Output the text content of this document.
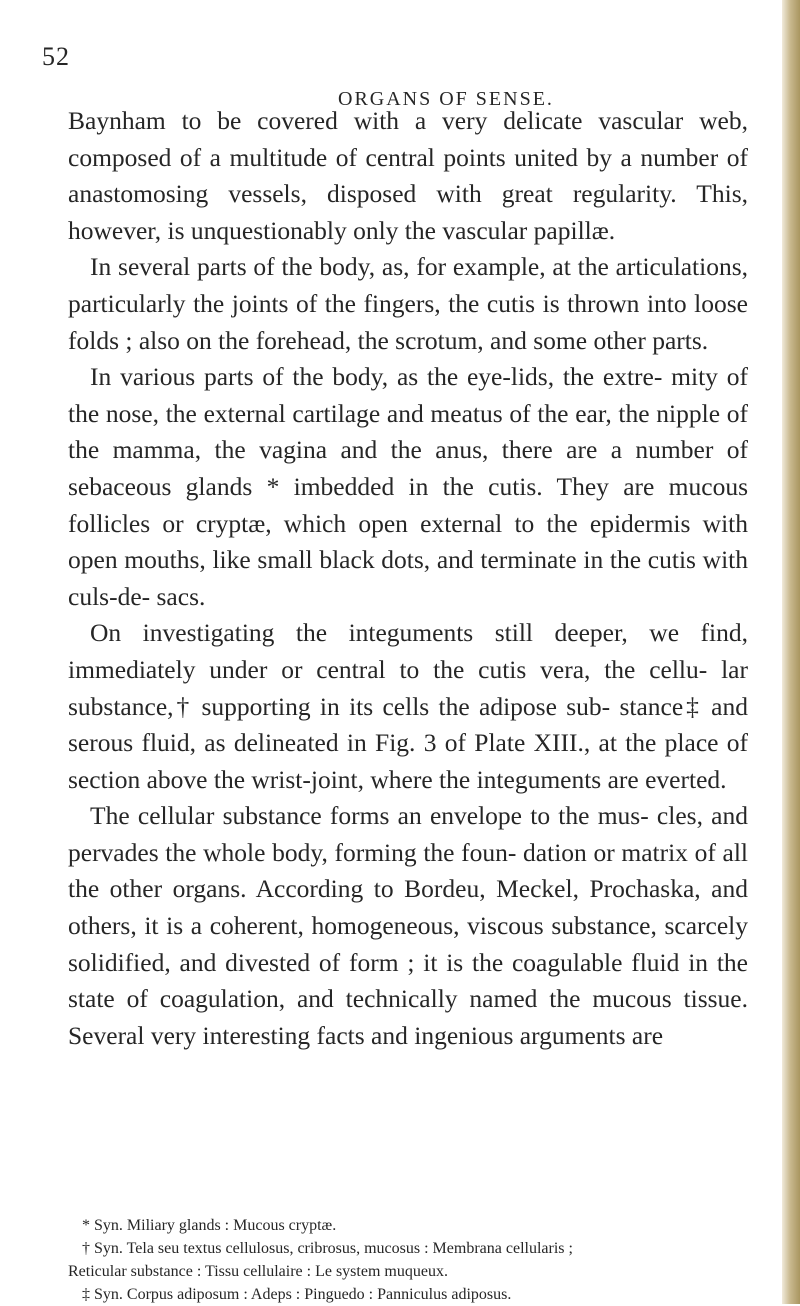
52
ORGANS OF SENSE.

Baynham to be covered with a very delicate vascular web, composed of a multitude of central points united by a number of anastomosing vessels, disposed with great regularity. This, however, is unquestionably only the vascular papillæ.

In several parts of the body, as, for example, at the articulations, particularly the joints of the fingers, the cutis is thrown into loose folds ; also on the forehead, the scrotum, and some other parts.

In various parts of the body, as the eye-lids, the extre- mity of the nose, the external cartilage and meatus of the ear, the nipple of the mamma, the vagina and the anus, there are a number of sebaceous glands * imbedded in the cutis. They are mucous follicles or cryptæ, which open external to the epidermis with open mouths, like small black dots, and terminate in the cutis with culs-de- sacs.

On investigating the integuments still deeper, we find, immediately under or central to the cutis vera, the cellu- lar substance,† supporting in its cells the adipose sub- stance‡ and serous fluid, as delineated in Fig. 3 of Plate XIII., at the place of section above the wrist-joint, where the integuments are everted.

The cellular substance forms an envelope to the mus- cles, and pervades the whole body, forming the foun- dation or matrix of all the other organs. According to Bordeu, Meckel, Prochaska, and others, it is a coherent, homogeneous, viscous substance, scarcely solidified, and divested of form ; it is the coagulable fluid in the state of coagulation, and technically named the mucous tissue. Several very interesting facts and ingenious arguments are

* Syn. Miliary glands : Mucous cryptæ.

† Syn. Tela seu textus cellulosus, cribrosus, mucosus : Membrana cellularis ;

Reticular substance : Tissu cellulaire : Le system muqueux.

‡ Syn. Corpus adiposum : Adeps : Pinguedo : Panniculus adiposus.
